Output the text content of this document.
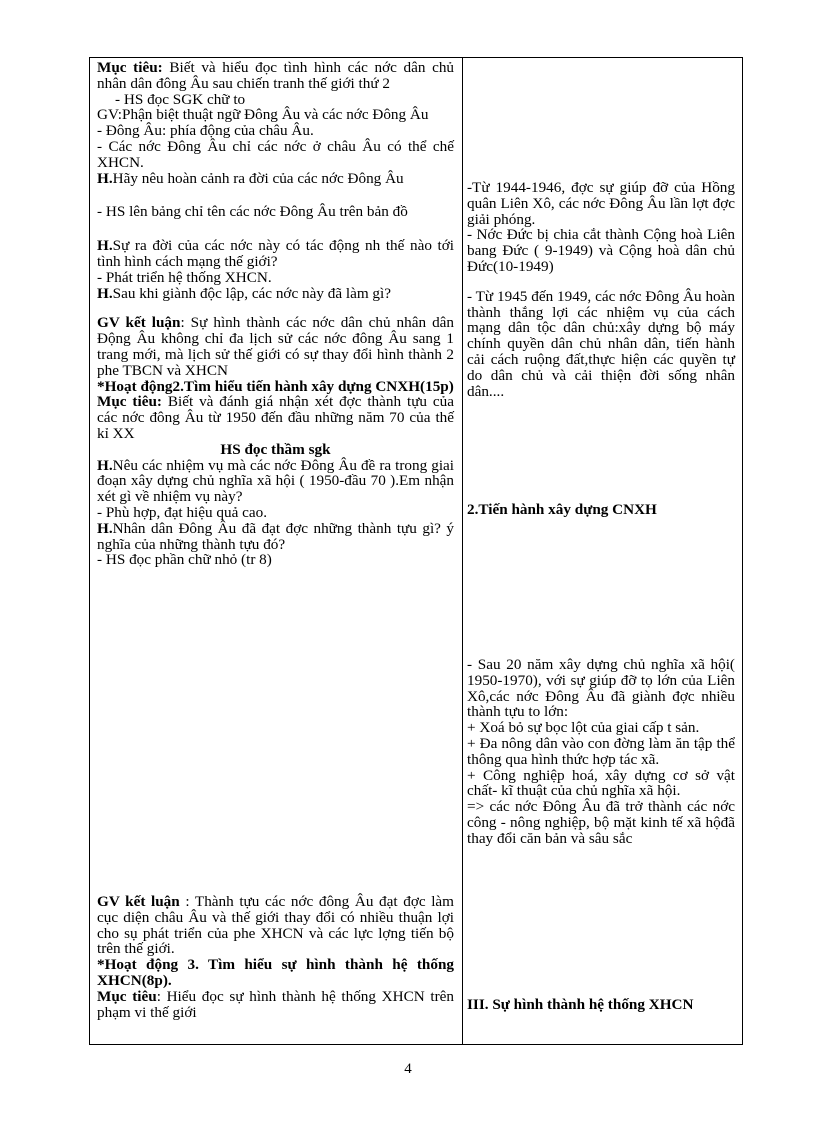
Mục tiêu: Biết và hiểu đọc tình hình các nớc dân chủ nhân dân đông Âu sau chiến tranh thế giới thứ 2

- HS đọc SGK chữ to

GV:Phận biệt thuật ngữ Đông Âu và các nớc Đông Âu

- Đông Âu: phía động của châu Âu.

- Các nớc Đông Âu chỉ các nớc ở châu Âu có thể chế XHCN.

H.Hãy nêu hoàn cảnh ra đời của các nớc Đông Âu

- HS lên bảng chỉ tên các nớc Đông Âu trên bản đồ

H.Sự ra đời của các nớc này có tác động nh thế nào tới tình hình cách mạng thế giới?

- Phát triển hệ thống XHCN.

H.Sau khi giành độc lập, các nớc này đã làm gì?

GV kết luận: Sự hình thành các nớc dân chủ nhân dân Động Âu không chỉ đa lịch sử các nớc đông Âu sang 1 trang mới, mà lịch sử thế giới có sự thay đổi hình thành 2 phe TBCN và XHCN

*Hoạt động2.Tìm hiểu tiến hành xây dựng CNXH(15p)

Mục tiêu: Biết và đánh giá nhận xét đợc thành tựu của các nớc đông Âu từ 1950 đến đầu những năm 70 của thế kỉ XX

HS đọc thầm sgk

H.Nêu các nhiệm vụ mà các nớc Đông Âu đề ra trong giai đoạn xây dựng chủ nghĩa xã hội ( 1950-đầu 70 ).Em nhận xét gì về nhiệm vụ này?

- Phù hợp, đạt hiệu quả cao.

H.Nhân dân Đông Âu đã đạt đợc những thành tựu gì? ý nghĩa của những thành tựu đó?

- HS đọc phần chữ nhỏ (tr 8)

GV kết luận : Thành tựu các nớc đông Âu đạt đợc làm cục diện châu Âu và thế giới thay đổi có nhiều thuận lợi cho sụ phát triển của phe XHCN và các lực lợng tiến bộ trên thế giới.

*Hoạt động 3. Tìm hiểu sự hình thành hệ thống XHCN(8p).

Mục tiêu: Hiểu đọc sự hình thành hệ thống XHCN trên phạm vi thế giới

-Từ 1944-1946, đợc sự giúp đỡ của Hồng quân Liên Xô, các nớc Đông Âu lần lợt đợc giải phóng.

- Nớc Đức bị chia cắt thành Cộng hoà Liên bang Đức ( 9-1949) và Cộng hoà dân chủ Đức(10-1949)

- Từ 1945 đến 1949, các nớc Đông Âu hoàn thành thắng lợi các nhiệm vụ của cách mạng dân tộc dân chủ:xây dựng bộ máy chính quyền dân chủ nhân dân, tiến hành cải cách ruộng đất,thực hiện các quyền tự do dân chủ và cải thiện đời sống nhân dân....

2.Tiến hành xây dựng CNXH

- Sau 20 năm xây dựng chủ nghĩa xã hội( 1950-1970), với sự giúp đỡ tọ lớn của Liên Xô,các nớc Đông Âu đã giành đợc nhiều thành tựu to lớn:

+ Xoá bỏ sự bọc lột của giai cấp t sản.

+ Đa nông dân vào con đờng làm ăn tập thể thông qua hình thức hợp tác xã.

+ Công nghiệp hoá, xây dựng cơ sở vật chất- kĩ thuật của chủ nghĩa xã hội.

=> các nớc Đông Âu đã trở thành các nớc công - nông nghiệp, bộ mặt kinh tế xã hộđã thay đổi căn bản và sâu sắc

III. Sự hình thành hệ thống XHCN

4
